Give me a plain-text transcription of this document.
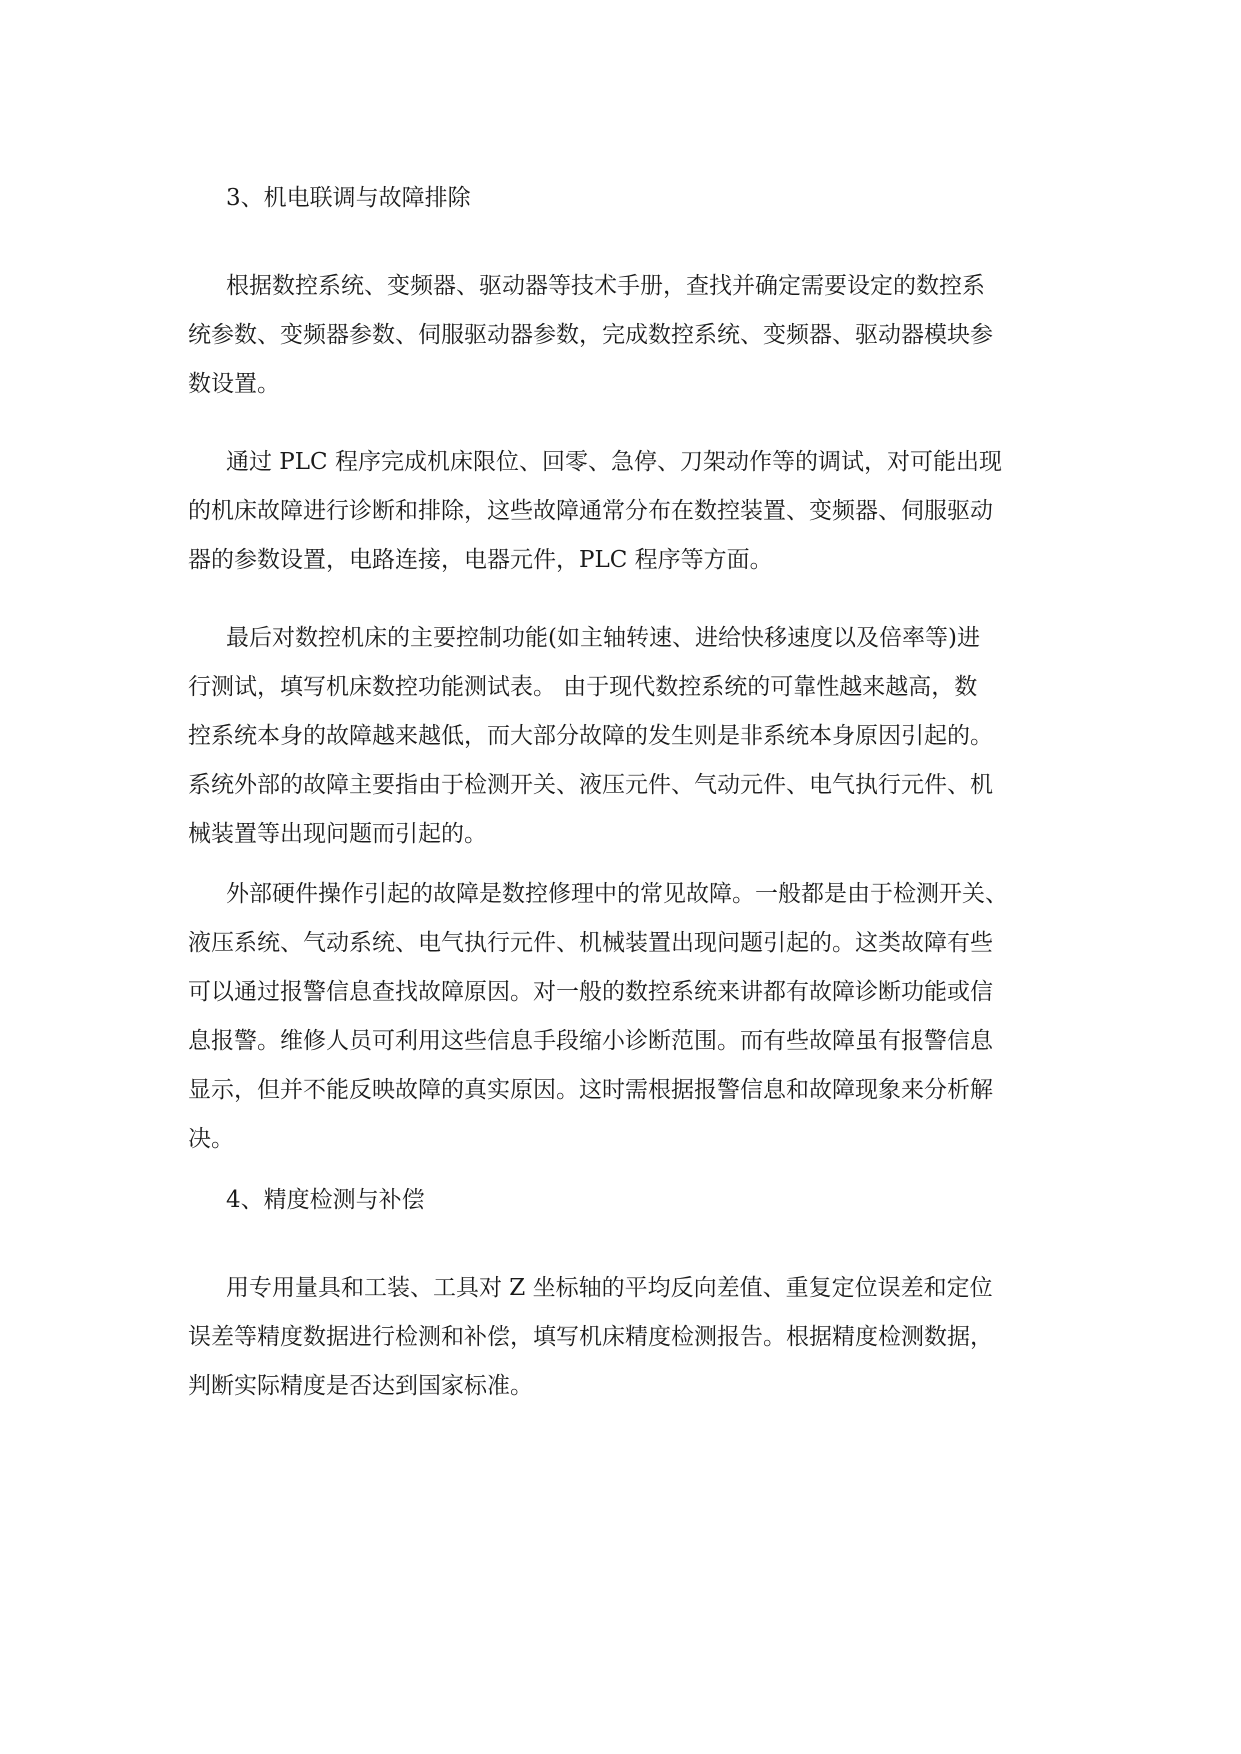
3、机电联调与故障排除
根据数控系统、变频器、驱动器等技术手册，查找并确定需要设定的数控系
统参数、变频器参数、伺服驱动器参数，完成数控系统、变频器、驱动器模块参
数设置。
通过 PLC 程序完成机床限位、回零、急停、刀架动作等的调试，对可能出现
的机床故障进行诊断和排除，这些故障通常分布在数控装置、变频器、伺服驱动
器的参数设置，电路连接，电器元件，PLC 程序等方面。
最后对数控机床的主要控制功能(如主轴转速、进给快移速度以及倍率等)进
行测试，填写机床数控功能测试表。 由于现代数控系统的可靠性越来越高，数
控系统本身的故障越来越低，而大部分故障的发生则是非系统本身原因引起的。
系统外部的故障主要指由于检测开关、液压元件、气动元件、电气执行元件、机
械装置等出现问题而引起的。
外部硬件操作引起的故障是数控修理中的常见故障。一般都是由于检测开关、
液压系统、气动系统、电气执行元件、机械装置出现问题引起的。这类故障有些
可以通过报警信息查找故障原因。对一般的数控系统来讲都有故障诊断功能或信
息报警。维修人员可利用这些信息手段缩小诊断范围。而有些故障虽有报警信息
显示，但并不能反映故障的真实原因。这时需根据报警信息和故障现象来分析解
决。
4、精度检测与补偿
用专用量具和工装、工具对 Z 坐标轴的平均反向差值、重复定位误差和定位
误差等精度数据进行检测和补偿，填写机床精度检测报告。根据精度检测数据，
判断实际精度是否达到国家标准。
